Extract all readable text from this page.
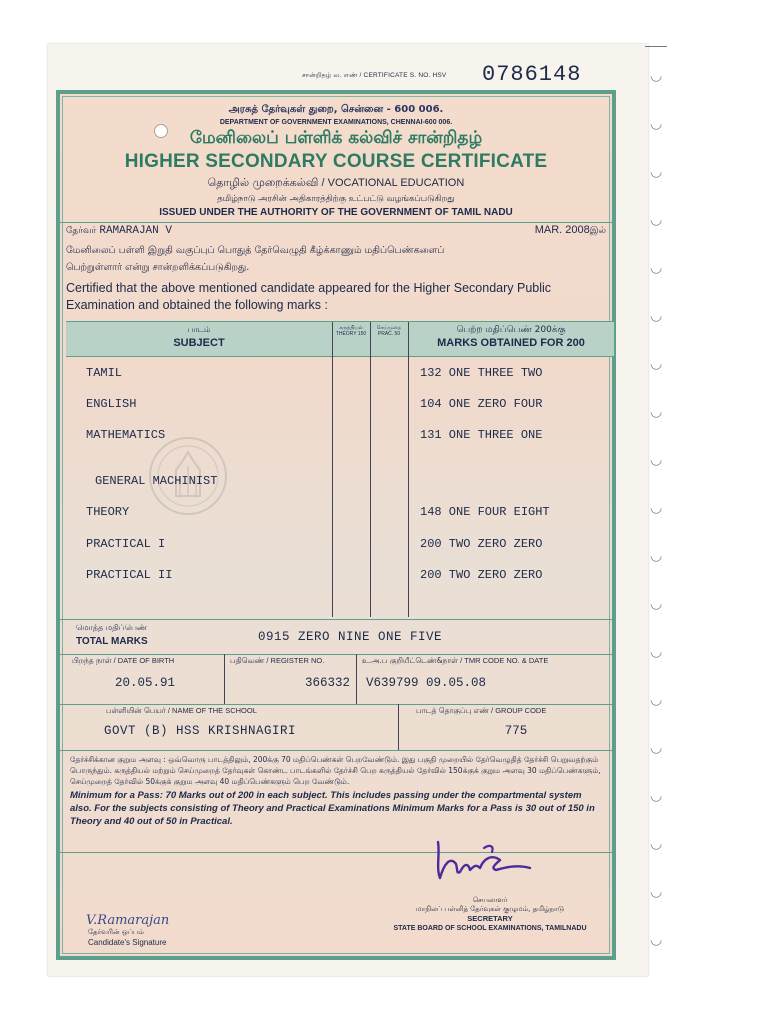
◡
◡
◡
◡
◡
◡
◡
◡
◡
◡
◡
◡
◡
◡
◡
◡
◡
◡
◡
சான்றிதழ் வ. எண் / CERTIFICATE S. NO. HSV 0786148
அரசுத் தேர்வுகள் துறை, சென்னை - 600 006.
DEPARTMENT OF GOVERNMENT EXAMINATIONS, CHENNAI-600 006.
மேனிலைப் பள்ளிக் கல்விச் சான்றிதழ்
HIGHER SECONDARY COURSE CERTIFICATE
தொழில் முறைக்கல்வி / VOCATIONAL EDUCATION
தமிழ்நாடு அரசின் அதிகாரத்திற்கு உட்பட்டு வழங்கப்படுகிறது
ISSUED UNDER THE AUTHORITY OF THE GOVERNMENT OF TAMIL NADU
தேர்வர் RAMARAJAN V	MAR. 2008இல்
மேனிலைப் பள்ளி இறுதி வகுப்புப் பொதுத் தேர்வெழுதி கீழ்க்காணும் மதிப்பெண்களைப்
பெற்றுள்ளார் என்று சான்றளிக்கப்படுகிறது.
Certified that the above mentioned candidate appeared for the Higher Secondary Public Examination and obtained the following marks :
பாடம்
SUBJECT
கருத்தியல் THEORY 150
செய்முறை PRAC. 50	பெற்ற மதிப்பெண் 200க்கு
MARKS OBTAINED FOR 200
TAMIL	132 ONE THREE TWO
ENGLISH	104 ONE ZERO FOUR
MATHEMATICS	131 ONE THREE ONE
GENERAL MACHINIST
THEORY	148 ONE FOUR EIGHT
PRACTICAL I	200 TWO ZERO ZERO
PRACTICAL II	200 TWO ZERO ZERO
மொத்த மதிப்பெண்
TOTAL MARKS	0915 ZERO NINE ONE FIVE
பிறந்த நாள் / DATE OF BIRTH
20.05.91
பதிவெண் / REGISTER NO.
366332
உ.அ.ப குறியீட்டெண்&நாள் / TMR CODE NO. & DATE
V639799 09.05.08
பள்ளியின் பெயர் / NAME OF THE SCHOOL
GOVT (B) HSS KRISHNAGIRI
பாடத் தொகுப்பு எண் / GROUP CODE
775
தேர்ச்சிக்கான குறும அளவு : ஒவ்வொரு பாடத்திலும், 200க்கு 70 மதிப்பெண்கள் பெறவேண்டும். இது பகுதி முறையில் தேர்வெழுதித் தேர்ச்சி பெறுவதற்கும் பொருந்தும். கருத்தியல் மற்றும் செய்முறைத் தேர்வுகள் கொண்ட பாடங்களில் தேர்ச்சி பெற கருத்தியல் தேர்வில் 150க்குக் குறும அளவு 30 மதிப்பெண்களும், செய்முறைத் தேர்வில் 50க்குக் குறும அளவு 40 மதிப்பெண்களும் பெற வேண்டும்.
Minimum for a Pass: 70 Marks out of 200 in each subject. This includes passing under the compartmental system also. For the subjects consisting of Theory and Practical Examinations Minimum Marks for a Pass is 30 out of 150 in Theory and 40 out of 50 in Practical.
V.Ramarajan
தேர்வரின் ஒப்பம்
Candidate's Signature
செயலாளர்
மாநிலப் பள்ளித் தேர்வுகள் குழுமம், தமிழ்நாடு
SECRETARY
STATE BOARD OF SCHOOL EXAMINATIONS, TAMILNADU
